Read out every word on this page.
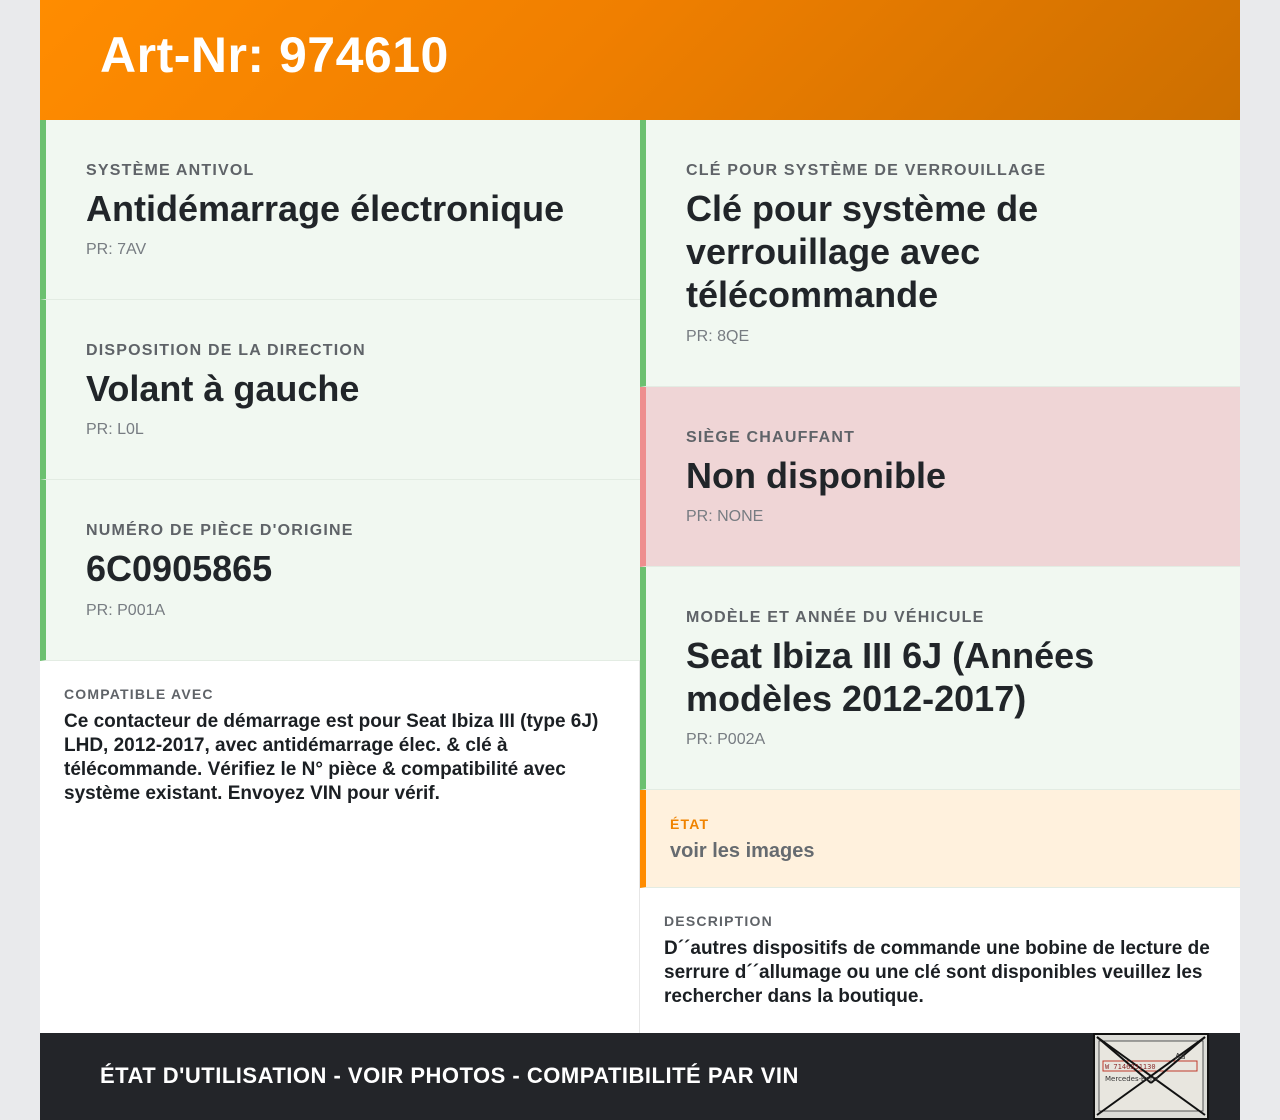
Art-Nr: 974610
SYSTÈME ANTIVOL
Antidémarrage électronique
PR: 7AV
DISPOSITION DE LA DIRECTION
Volant à gauche
PR: L0L
NUMÉRO DE PIÈCE D'ORIGINE
6C0905865
PR: P001A
COMPATIBLE AVEC
Ce contacteur de démarrage est pour Seat Ibiza III (type 6J) LHD, 2012-2017, avec antidémarrage élec. & clé à télécommande. Vérifiez le N° pièce & compatibilité avec système existant. Envoyez VIN pour vérif.
CLÉ POUR SYSTÈME DE VERROUILLAGE
Clé pour système de verrouillage avec télécommande
PR: 8QE
SIÈGE CHAUFFANT
Non disponible
PR: NONE
MODÈLE ET ANNÉE DU VÉHICULE
Seat Ibiza III 6J (Années modèles 2012-2017)
PR: P002A
ÉTAT
voir les images
DESCRIPTION
D´´autres dispositifs de commande une bobine de lecture de serrure d´´allumage ou une clé sont disponibles veuillez les rechercher dans la boutique.
ÉTAT D'UTILISATION - VOIR PHOTOS - COMPATIBILITÉ PAR VIN
Aa
W 7146331130
Mercedes-Benz
